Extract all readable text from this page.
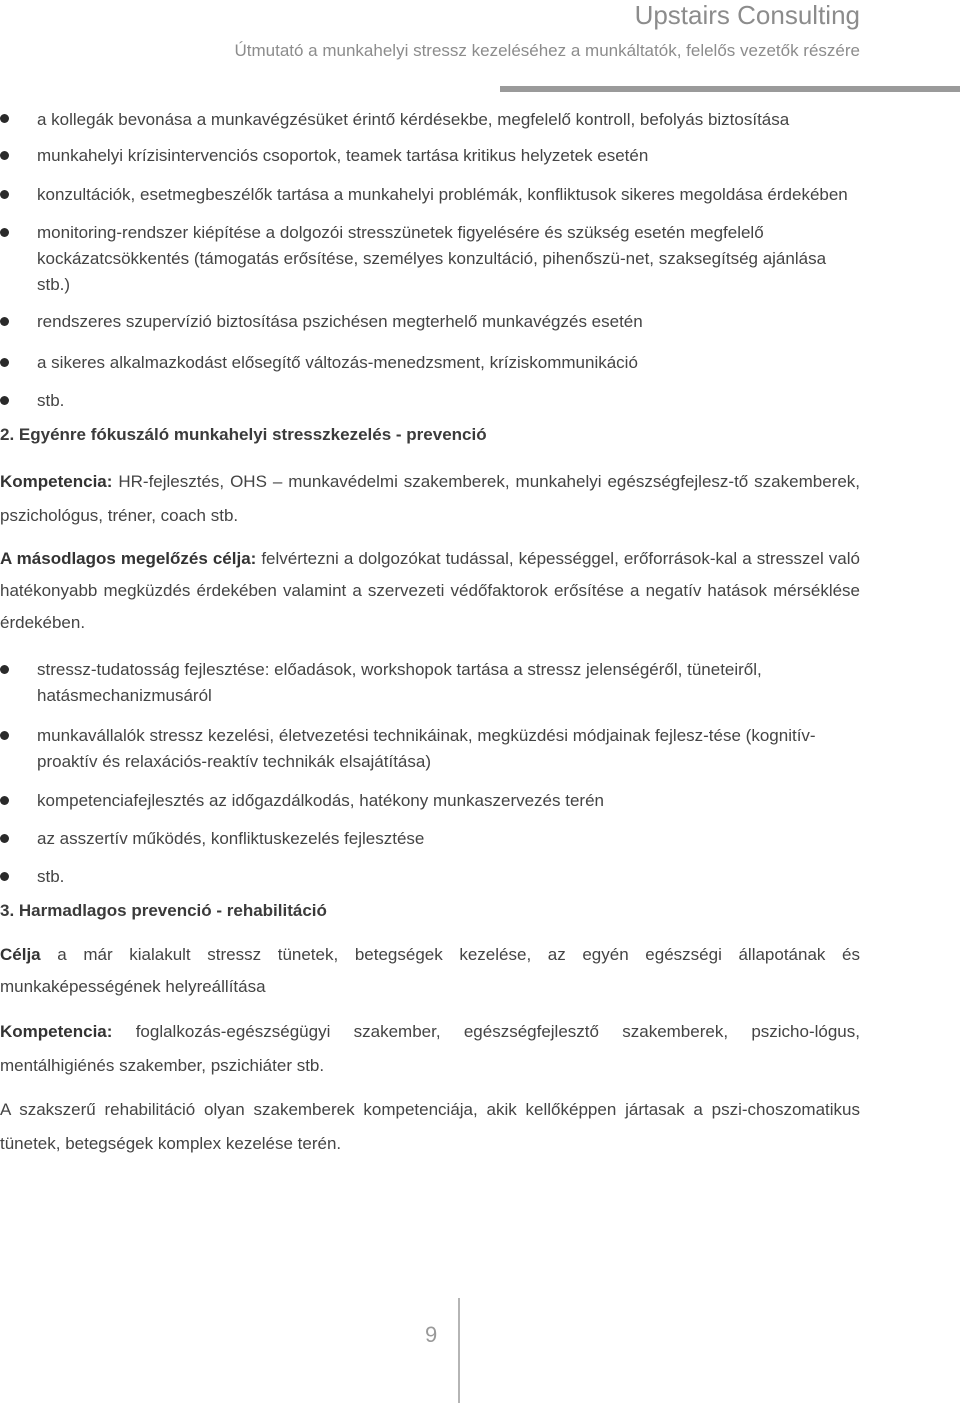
Upstairs Consulting
Útmutató a munkahelyi stressz kezeléséhez a munkáltatók, felelős vezetők részére
a kollegák bevonása a munkavégzésüket érintő kérdésekbe, megfelelő kontroll, befolyás biztosítása
munkahelyi krízisintervenciós csoportok, teamek tartása kritikus helyzetek esetén
konzultációk, esetmegbeszélők tartása a munkahelyi problémák, konfliktusok sikeres megoldása érdekében
monitoring-rendszer kiépítése a dolgozói stresszünetek figyelésére és szükség esetén megfelelő kockázatcsökkentés (támogatás erősítése, személyes konzultáció, pihenőszü-net, szaksegítség ajánlása stb.)
rendszeres szupervízió biztosítása pszichésen megterhelő munkavégzés esetén
a sikeres alkalmazkodást elősegítő változás-menedzsment, kríziskommunikáció
stb.
2. Egyénre fókuszáló munkahelyi stresszkezelés - prevenció
Kompetencia: HR-fejlesztés, OHS – munkavédelmi szakemberek, munkahelyi egészségfejlesz-tő szakemberek, pszichológus, tréner, coach stb.
A másodlagos megelőzés célja: felvértezni a dolgozókat tudással, képességgel, erőforrások-kal a stresszel való hatékonyabb megküzdés érdekében valamint a szervezeti védőfaktorok erősítése a negatív hatások mérséklése érdekében.
stressz-tudatosság fejlesztése: előadások, workshopok tartása a stressz jelenségéről, tüneteiről, hatásmechanizmusáról
munkavállalók stressz kezelési, életvezetési technikáinak, megküzdési módjainak fejlesz-tése (kognitív-proaktív és relaxációs-reaktív technikák elsajátítása)
kompetenciafejlesztés az időgazdálkodás, hatékony munkaszervezés terén
az asszertív működés, konfliktuskezelés fejlesztése
stb.
3. Harmadlagos prevenció - rehabilitáció
Célja a már kialakult stressz tünetek, betegségek kezelése, az egyén egészségi állapotának és munkaképességének helyreállítása
Kompetencia: foglalkozás-egészségügyi szakember, egészségfejlesztő szakemberek, pszicho-lógus, mentálhigiénés szakember, pszichiáter stb.
A szakszerű rehabilitáció olyan szakemberek kompetenciája, akik kellőképpen jártasak a pszi-choszomatikus tünetek, betegségek komplex kezelése terén.
9
